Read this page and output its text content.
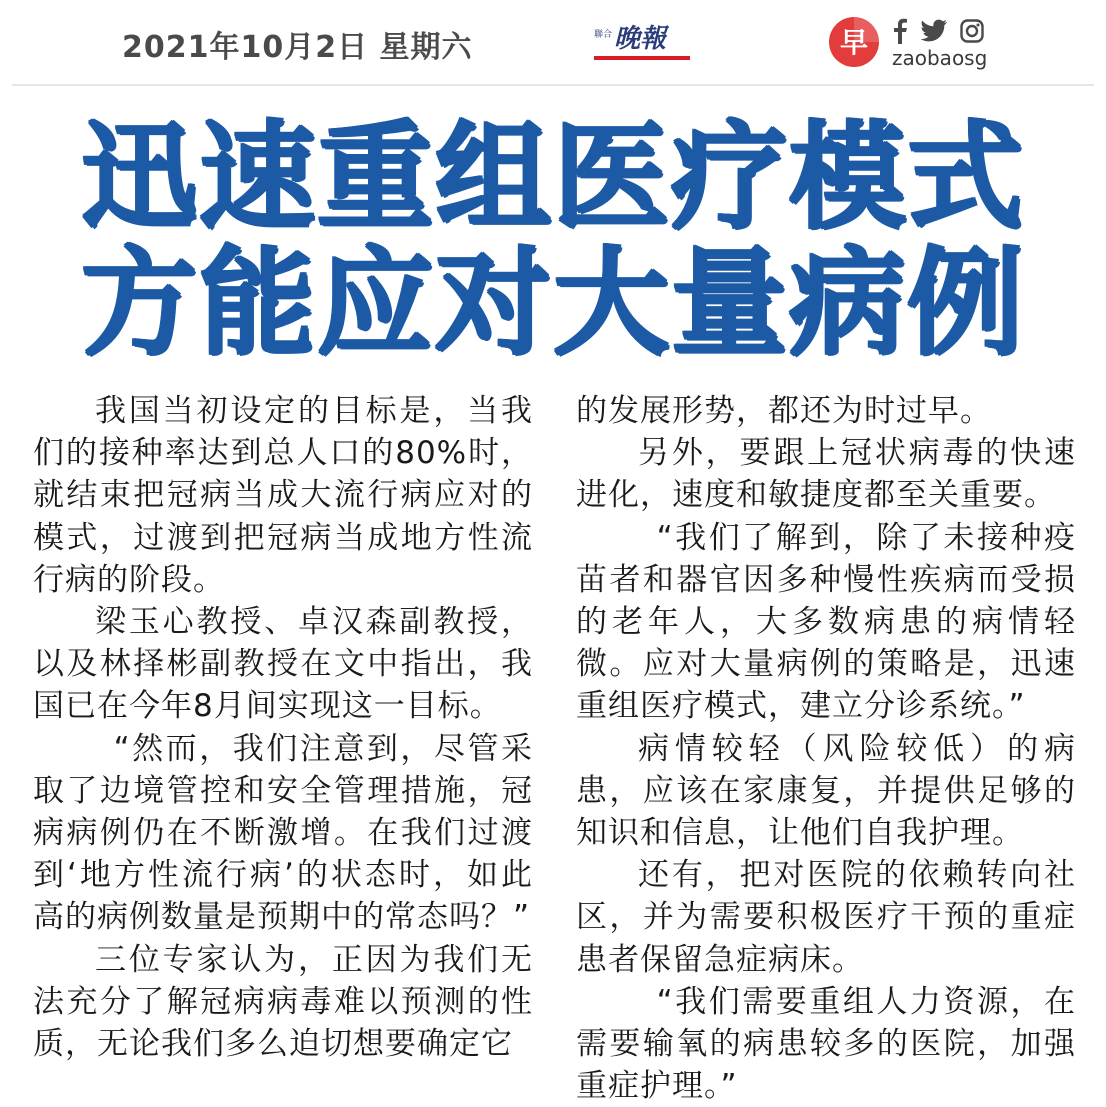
2021年10月2日 星期六	聯合 晚報	早 zaobaosg
迅速重组医疗模式
方能应对大量病例

我国当初设定的目标是，当我们的接种率达到总人口的80%时，就结束把冠病当成大流行病应对的模式，过渡到把冠病当成地方性流行病的阶段。

梁玉心教授、卓汉森副教授，以及林择彬副教授在文中指出，我国已在今年8月间实现这一目标。

“然而，我们注意到，尽管采取了边境管控和安全管理措施，冠病病例仍在不断激增。在我们过渡到‘地方性流行病’的状态时，如此高的病例数量是预期中的常态吗？”

三位专家认为，正因为我们无法充分了解冠病病毒难以预测的性质，无论我们多么迫切想要确定它

的发展形势，都还为时过早。

另外，要跟上冠状病毒的快速进化，速度和敏捷度都至关重要。

“我们了解到，除了未接种疫苗者和器官因多种慢性疾病而受损的老年人，大多数病患的病情轻微。应对大量病例的策略是，迅速重组医疗模式，建立分诊系统。”

病情较轻（风险较低）的病患，应该在家康复，并提供足够的知识和信息，让他们自我护理。

还有，把对医院的依赖转向社区，并为需要积极医疗干预的重症患者保留急症病床。

“我们需要重组人力资源，在需要输氧的病患较多的医院，加强重症护理。”
